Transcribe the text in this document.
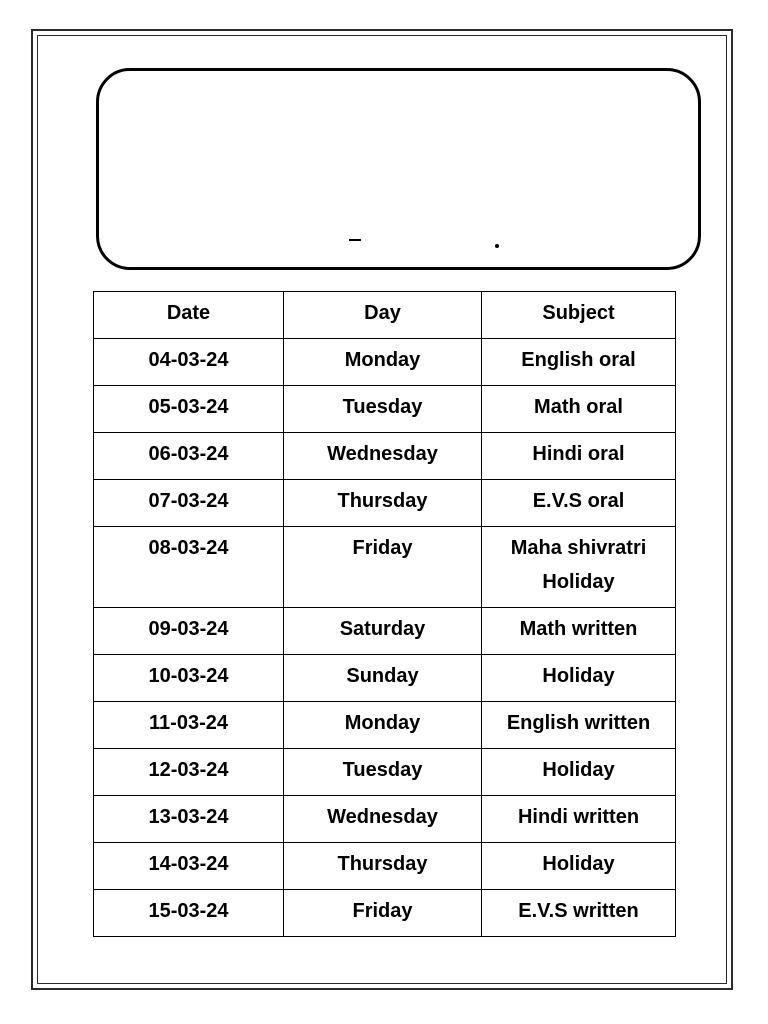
Date	Day	Subject
04-03-24	Monday	English oral
05-03-24	Tuesday	Math oral
06-03-24	Wednesday	Hindi oral
07-03-24	Thursday	E.V.S oral
08-03-24	Friday	Maha shivratri Holiday
09-03-24	Saturday	Math written
10-03-24	Sunday	Holiday
11-03-24	Monday	English written
12-03-24	Tuesday	Holiday
13-03-24	Wednesday	Hindi written
14-03-24	Thursday	Holiday
15-03-24	Friday	E.V.S written
